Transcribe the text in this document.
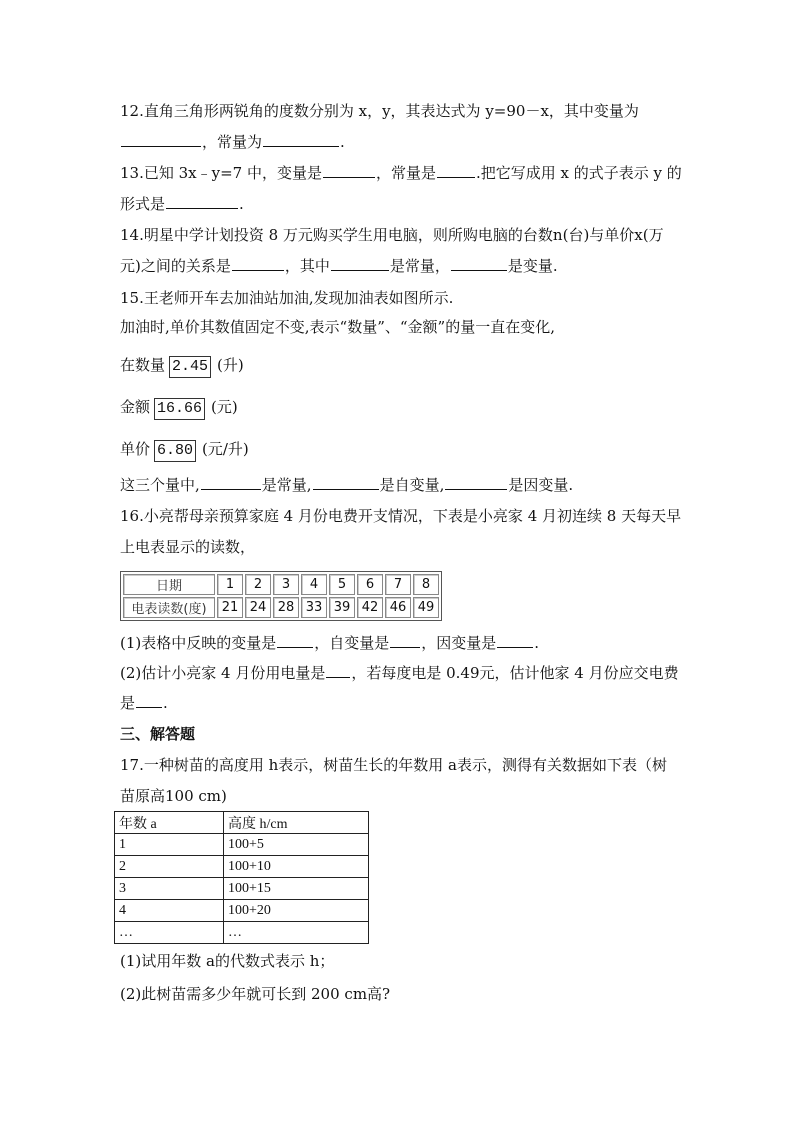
12.直角三角形两锐角的度数分别为 x，y，其表达式为 y=90－x，其中变量为
，常量为	.
13.已知 3x﹣y=7 中，变量是	，常量是	.把它写成用 x 的式子表示 y 的
形式是	.
14.明星中学计划投资 8 万元购买学生用电脑，则所购电脑的台数n(台)与单价x(万
元)之间的关系是	，其中	是常量，	是变量.
15.王老师开车去加油站加油,发现加油表如图所示.
加油时,单价其数值固定不变,表示“数量”、“金额”的量一直在变化,
在数量 2.45 (升)
金额 16.66 (元)
单价 6.80 (元/升)
这三个量中,	是常量,	是自变量,	是因变量.
16.小亮帮母亲预算家庭 4 月份电费开支情况，下表是小亮家 4 月初连续 8 天每天早
上电表显示的读数，
日期	1	2	3	4	5	6	7	8
电表读数(度)	21	24	28	33	39	42	46	49
(1)表格中反映的变量是	，自变量是 ，因变量是	.
(2)估计小亮家 4 月份用电量是 ，若每度电是 0.49元，估计他家 4 月份应交电费
是 .
三、解答题
17.一种树苗的高度用 h表示，树苗生长的年数用 a表示，测得有关数据如下表（树
苗原高100 cm)
年数 a	高度 h/cm
1	100+5
2	100+10
3	100+15
4	100+20
…	…
(1)试用年数 a的代数式表示 h；
(2)此树苗需多少年就可长到 200 cm高?
